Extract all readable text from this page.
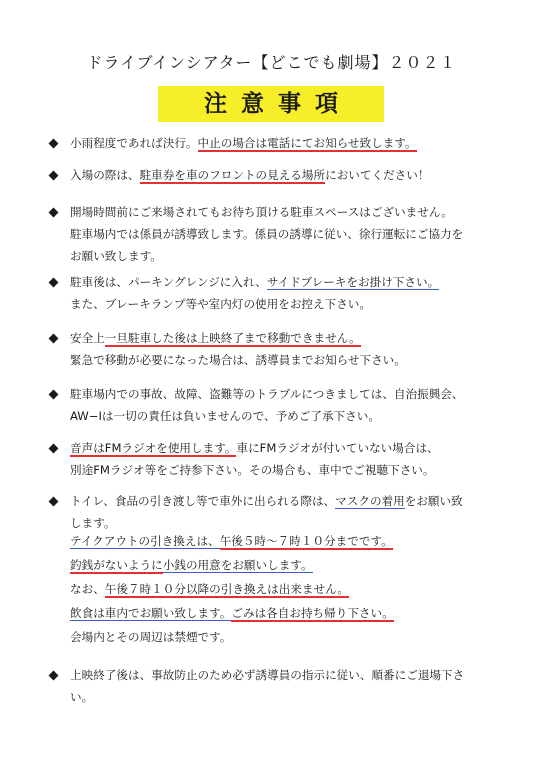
ドライブインシアター【どこでも劇場】２０２１
注意事項
小雨程度であれば決行。中止の場合は電話にてお知らせ致します。
入場の際は、駐車券を車のフロントの見える場所においてください！
開場時間前にご来場されてもお待ち頂ける駐車スペースはございません。
駐車場内では係員が誘導致します。係員の誘導に従い、徐行運転にご協力を
お願い致します。
駐車後は、パーキングレンジに入れ、サイドブレーキをお掛け下さい。
また、ブレーキランプ等や室内灯の使用をお控え下さい。
安全上一旦駐車した後は上映終了まで移動できません。
緊急で移動が必要になった場合は、誘導員までお知らせ下さい。
駐車場内での事故、故障、盗難等のトラブルにつきましては、自治振興会、
AW−Iは一切の責任は負いませんので、予めご了承下さい。
音声はFMラジオを使用します。車にFMラジオが付いていない場合は、
別途FMラジオ等をご持参下さい。その場合も、車中でご視聴下さい。
トイレ、食品の引き渡し等で車外に出られる際は、マスクの着用をお願い致
します。
テイクアウトの引き換えは、午後５時〜７時１０分までです。
釣銭がないように小銭の用意をお願いします。
なお、午後７時１０分以降の引き換えは出来ません。
飲食は車内でお願い致します。ごみは各自お持ち帰り下さい。
会場内とその周辺は禁煙です。
上映終了後は、事故防止のため必ず誘導員の指示に従い、順番にご退場下さ
い。
